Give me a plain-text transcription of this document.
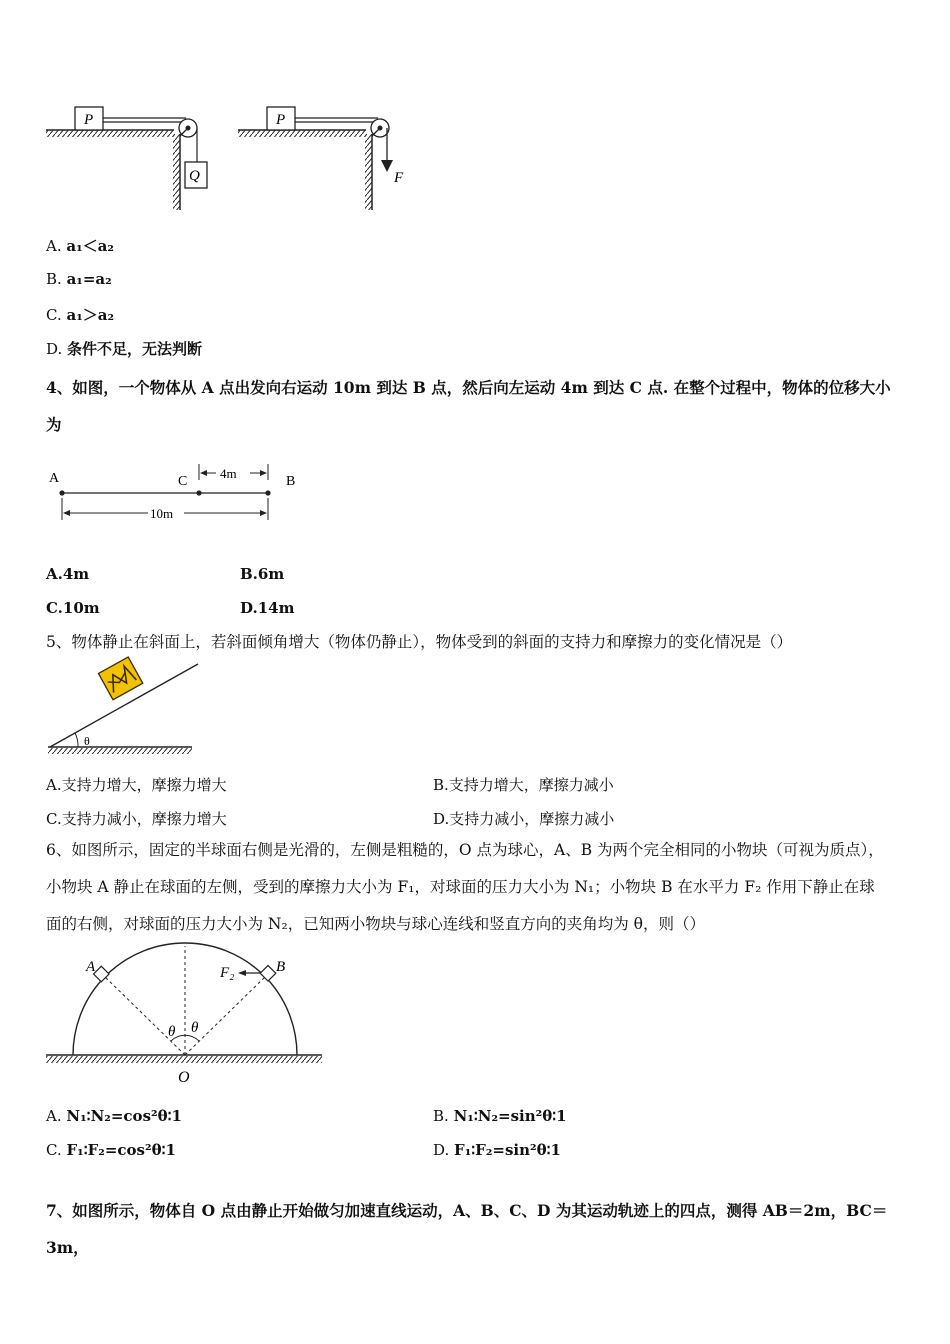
P
Q
P
F
A. a₁＜a₂
B. a₁=a₂
C. a₁＞a₂
D. 条件不足，无法判断
4、如图，一个物体从 A 点出发向右运动 10m 到达 B 点，然后向左运动 4m 到达 C 点. 在整个过程中，物体的位移大小
为
A	C	B
4m
10m
A.4m	B.6m
C.10m	D.14m
5、物体静止在斜面上，若斜面倾角增大（物体仍静止），物体受到的斜面的支持力和摩擦力的变化情况是（）
θ
A.支持力增大，摩擦力增大	B.支持力增大，摩擦力减小
C.支持力减小，摩擦力增大	D.支持力减小，摩擦力减小
6、如图所示，固定的半球面右侧是光滑的，左侧是粗糙的，O 点为球心，A、B 为两个完全相同的小物块（可视为质点），
小物块 A 静止在球面的左侧，受到的摩擦力大小为 F₁，对球面的压力大小为 N₁；小物块 B 在水平力 F₂ 作用下静止在球
面的右侧，对球面的压力大小为 N₂，已知两小物块与球心连线和竖直方向的夹角均为 θ，则（）
A	B
F₂
θ θ
O
A. N₁∶N₂=cos²θ∶1	B. N₁∶N₂=sin²θ∶1
C. F₁∶F₂=cos²θ∶1	D. F₁∶F₂=sin²θ∶1
7、如图所示，物体自 O 点由静止开始做匀加速直线运动，A、B、C、D 为其运动轨迹上的四点，测得 AB＝2m，BC＝3m，
